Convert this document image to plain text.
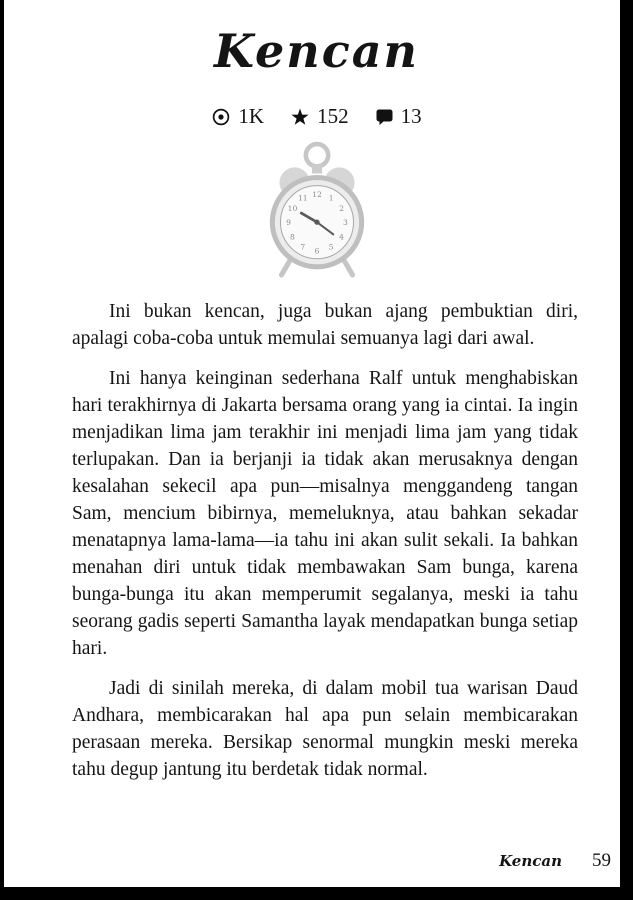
Kencan
1K	152 13
12 1
2
3
4
5
6
7
8
9
10
11

Ini bukan kencan, juga bukan ajang pembuktian diri, apalagi coba-coba untuk memulai semuanya lagi dari awal.

Ini hanya keinginan sederhana Ralf untuk menghabiskan hari terakhirnya di Jakarta bersama orang yang ia cintai. Ia ingin menjadikan lima jam terakhir ini menjadi lima jam yang tidak terlupakan. Dan ia berjanji ia tidak akan merusaknya dengan kesalahan sekecil apa pun—misalnya menggandeng tangan Sam, mencium bibirnya, memeluknya, atau bahkan sekadar menatapnya lama-lama—ia tahu ini akan sulit sekali. Ia bahkan menahan diri untuk tidak membawakan Sam bunga, karena bunga-bunga itu akan memperumit segalanya, meski ia tahu seorang gadis seperti Samantha layak mendapatkan bunga setiap hari.

Jadi di sinilah mereka, di dalam mobil tua warisan Daud Andhara, membicarakan hal apa pun selain membicarakan perasaan mereka. Bersikap senormal mungkin meski mereka tahu degup jantung itu berdetak tidak normal.

Kencan 59
